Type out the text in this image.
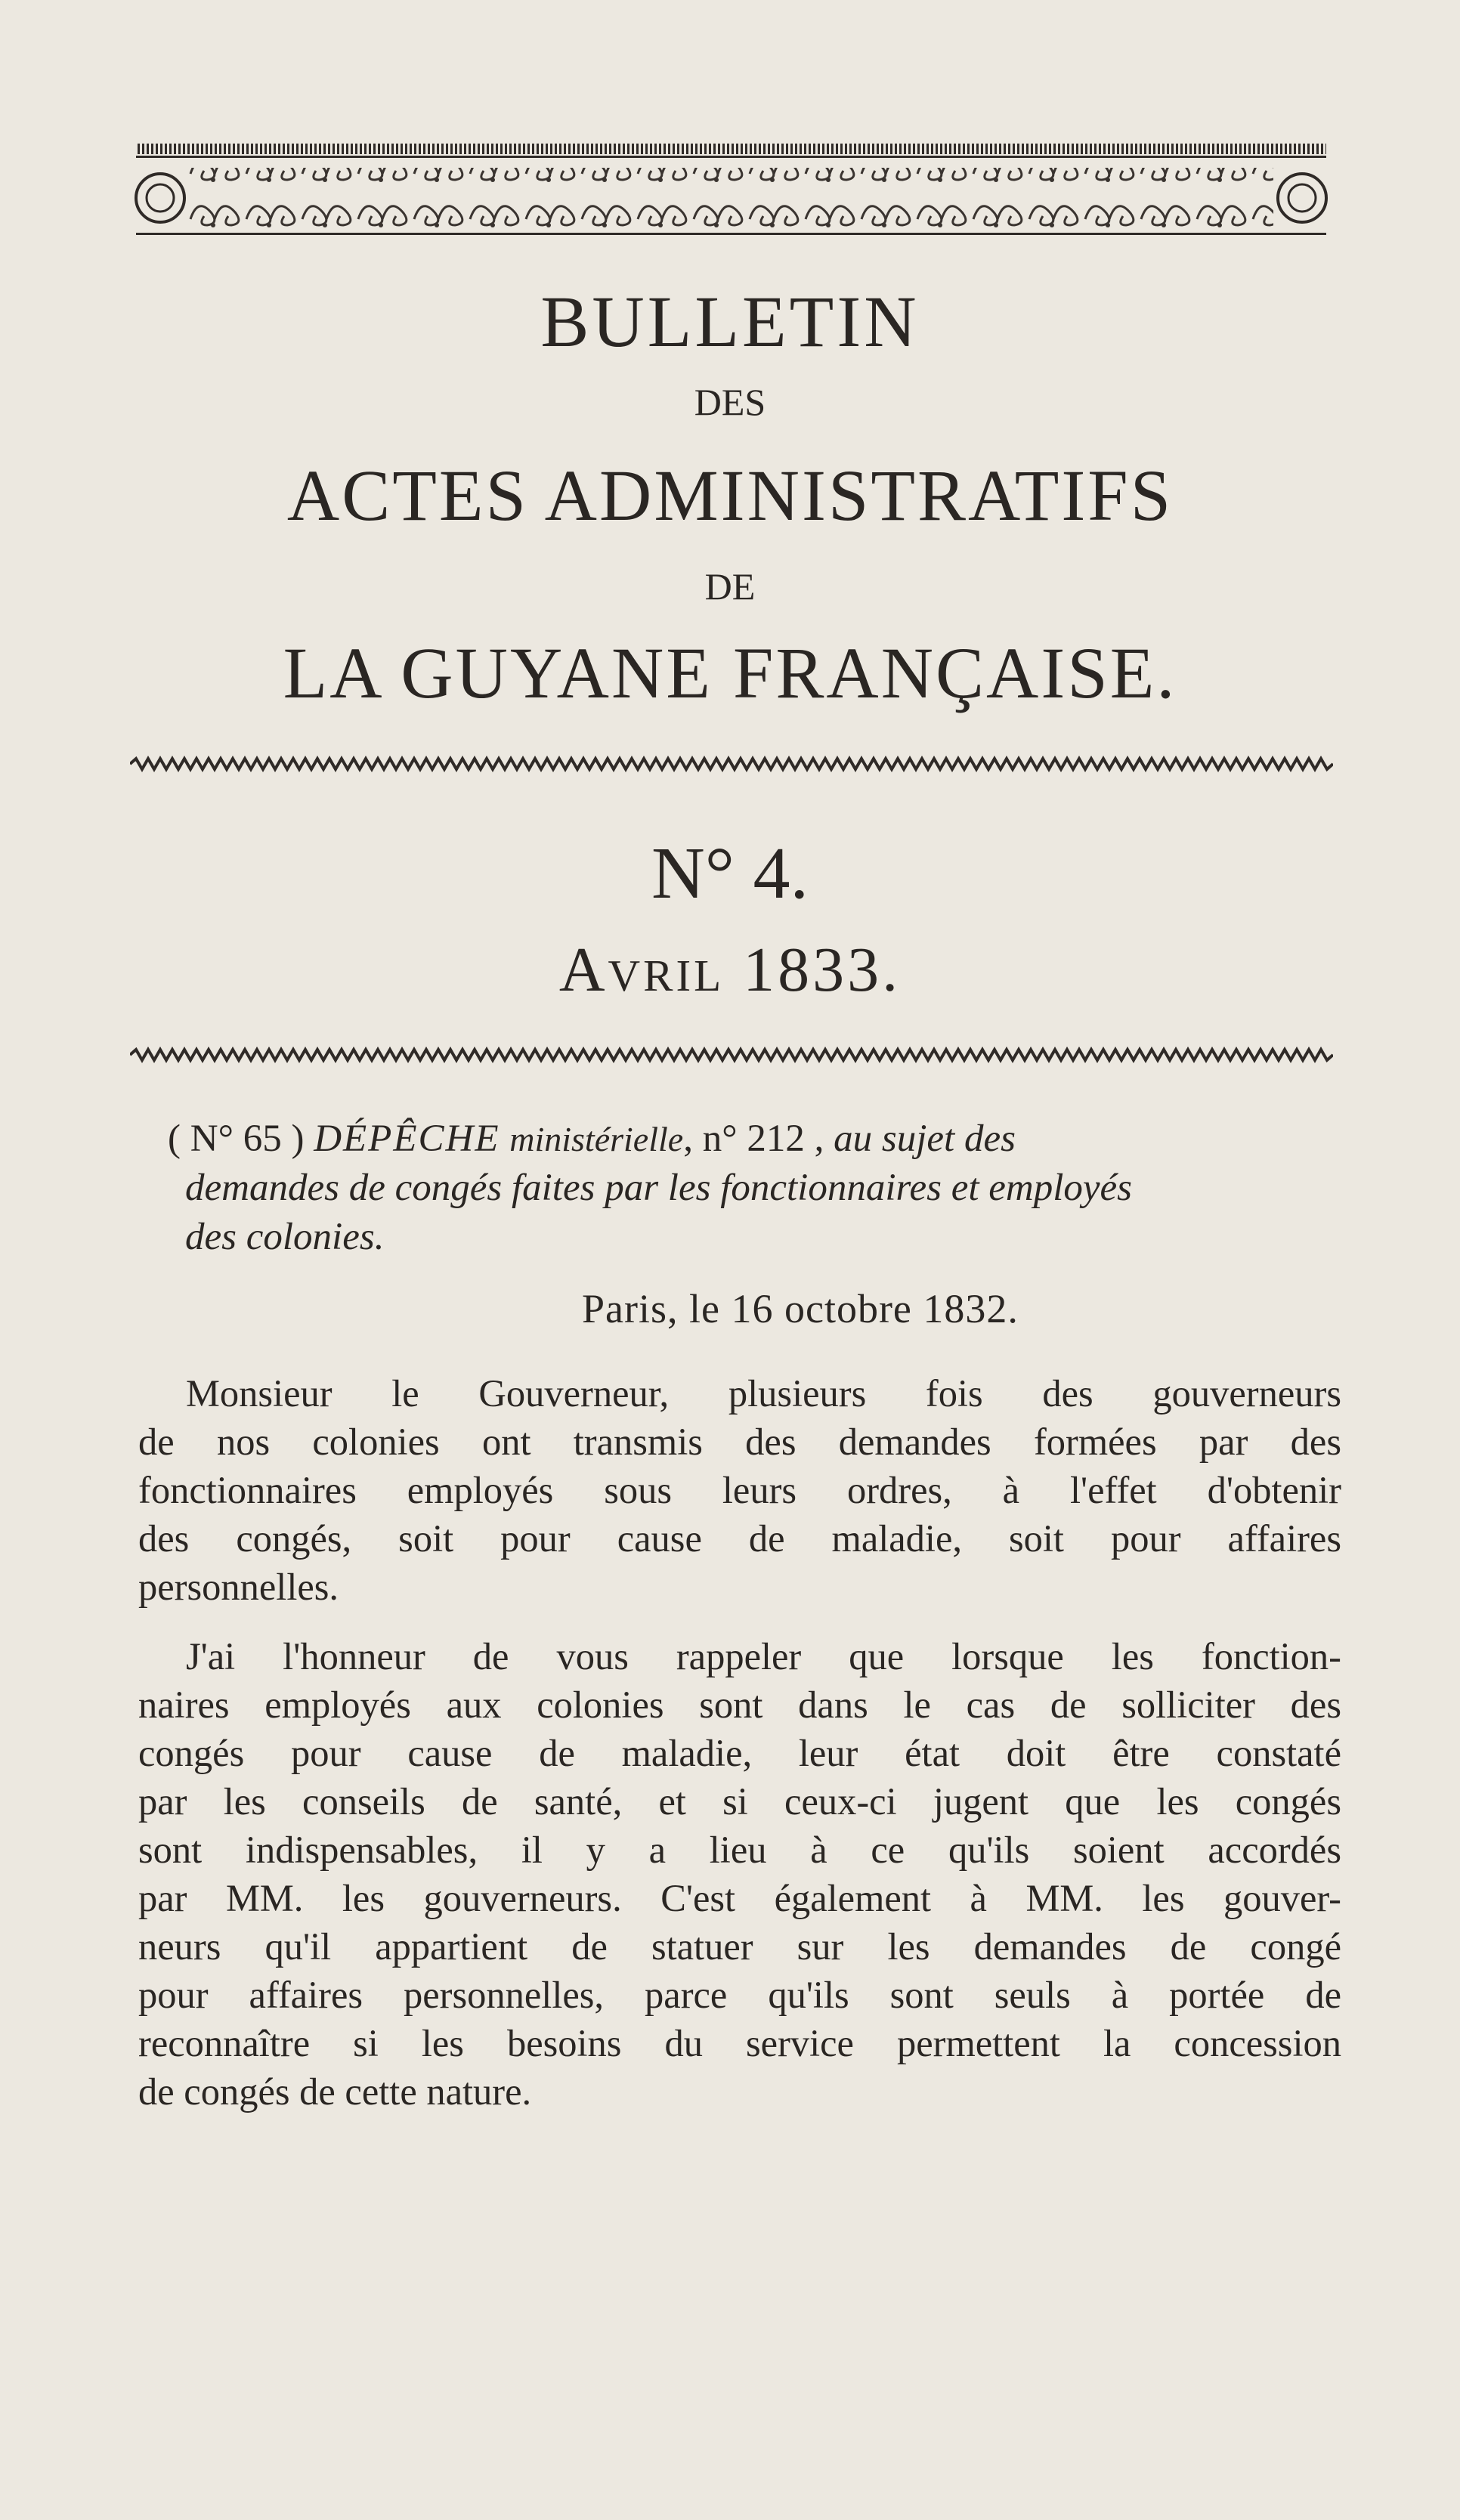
BULLETIN
DES
ACTES ADMINISTRATIFS
DE
LA GUYANE FRANÇAISE.
N° 4.
Avril 1833.
( N° 65 ) DÉPÊCHE ministérielle, n° 212 , au sujet des
demandes de congés faites par les fonctionnaires et employés
des colonies.
Paris, le 16 octobre 1832.
Monsieur le Gouverneur, plusieurs fois des gouverneurs
de nos colonies ont transmis des demandes formées par des
fonctionnaires employés sous leurs ordres, à l'effet d'obtenir
des congés, soit pour cause de maladie, soit pour affaires
personnelles.
J'ai l'honneur de vous rappeler que lorsque les fonction-
naires employés aux colonies sont dans le cas de solliciter des
congés pour cause de maladie, leur état doit être constaté
par les conseils de santé, et si ceux-ci jugent que les congés
sont indispensables, il y a lieu à ce qu'ils soient accordés
par MM. les gouverneurs. C'est également à MM. les gouver-
neurs qu'il appartient de statuer sur les demandes de congé
pour affaires personnelles, parce qu'ils sont seuls à portée de
reconnaître si les besoins du service permettent la concession
de congés de cette nature.
